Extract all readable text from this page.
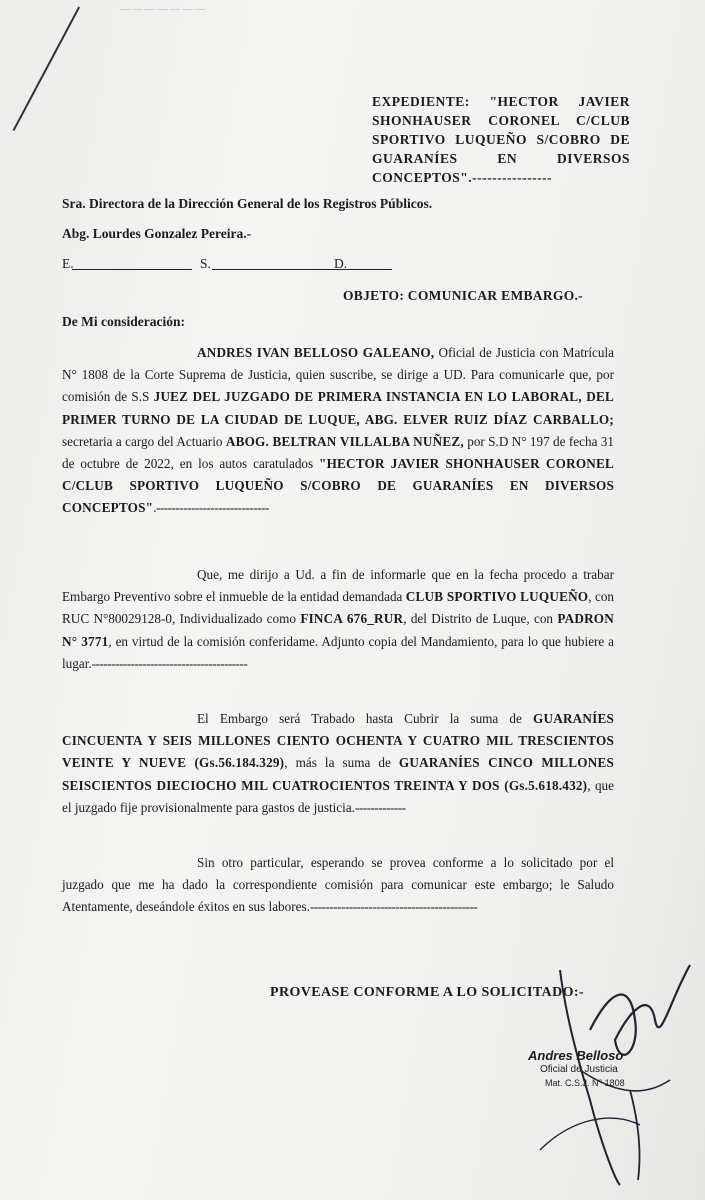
— — — — — — —
EXPEDIENTE: "HECTOR JAVIER SHONHAUSER CORONEL C/CLUB SPORTIVO LUQUEÑO S/COBRO DE GUARANÍES EN DIVERSOS CONCEPTOS".----------------
Sra. Directora de la Dirección General de los Registros Públicos.
Abg. Lourdes Gonzalez Pereira.-
E.	S.	D.
OBJETO: COMUNICAR EMBARGO.-
De Mi consideración:
ANDRES IVAN BELLOSO GALEANO, Oficial de Justicia con Matrícula N° 1808 de la Corte Suprema de Justicia, quien suscribe, se dirige a UD. Para comunicarle que, por comisión de S.S JUEZ DEL JUZGADO DE PRIMERA INSTANCIA EN LO LABORAL, DEL PRIMER TURNO DE LA CIUDAD DE LUQUE, ABG. ELVER RUIZ DÍAZ CARBALLO; secretaria a cargo del Actuario ABOG. BELTRAN VILLALBA NUÑEZ, por S.D N° 197 de fecha 31 de octubre de 2022, en los autos caratulados "HECTOR JAVIER SHONHAUSER CORONEL C/CLUB SPORTIVO LUQUEÑO S/COBRO DE GUARANÍES EN DIVERSOS CONCEPTOS".-----------------------------
Que, me dirijo a Ud. a fin de informarle que en la fecha procedo a trabar Embargo Preventivo sobre el inmueble de la entidad demandada CLUB SPORTIVO LUQUEÑO, con RUC N°80029128-0, Individualizado como FINCA 676_RUR, del Distrito de Luque, con PADRON N° 3771, en virtud de la comisión conferidame. Adjunto copia del Mandamiento, para lo que hubiere a lugar.----------------------------------------
El Embargo será Trabado hasta Cubrir la suma de GUARANÍES CINCUENTA Y SEIS MILLONES CIENTO OCHENTA Y CUATRO MIL TRESCIENTOS VEINTE Y NUEVE (Gs.56.184.329), más la suma de GUARANÍES CINCO MILLONES SEISCIENTOS DIECIOCHO MIL CUATROCIENTOS TREINTA Y DOS (Gs.5.618.432), que el juzgado fije provisionalmente para gastos de justicia.-------------
Sin otro particular, esperando se provea conforme a lo solicitado por el juzgado que me ha dado la correspondiente comisión para comunicar este embargo; le Saludo Atentamente, deseándole éxitos en sus labores.-------------------------------------------
PROVEASE CONFORME A LO SOLICITADO:-
Andres Belloso
Oficial de Justicia
Mat. C.S.J. N° 1808
